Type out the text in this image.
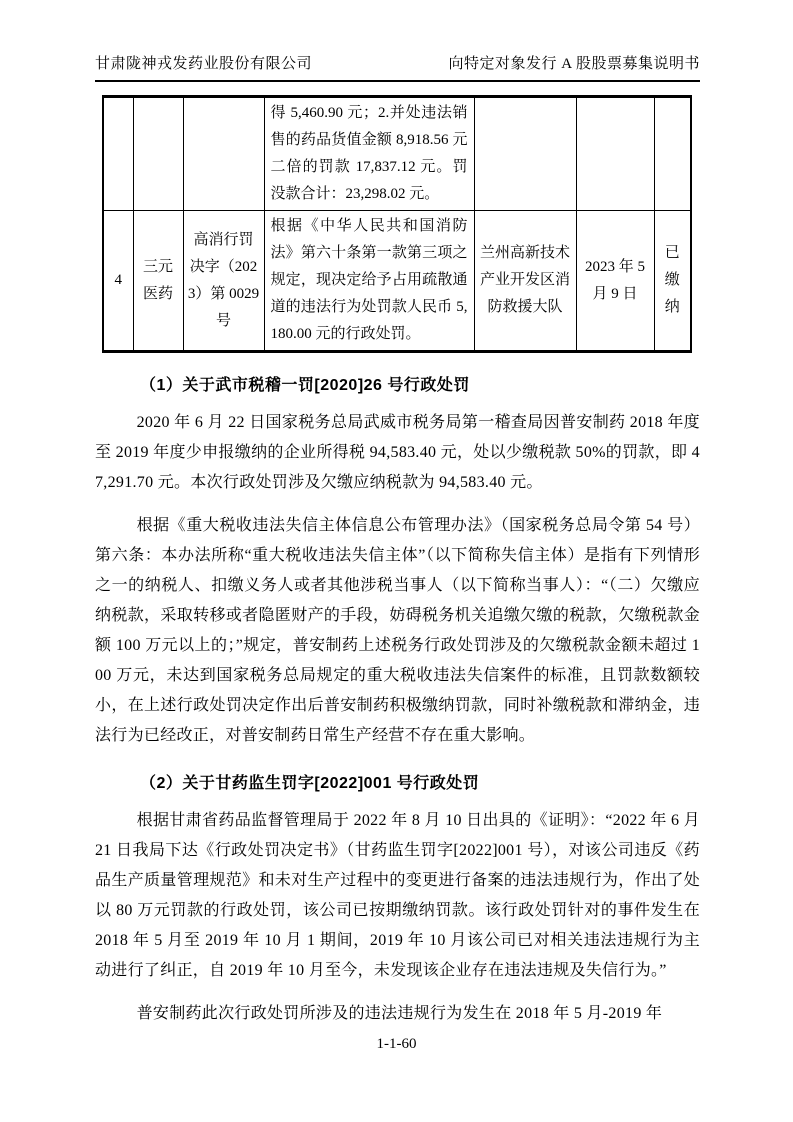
甘肃陇神戎发药业股份有限公司	向特定对象发行 A 股股票募集说明书
			得 5,460.90 元；2.并处违法销售的药品货值金额 8,918.56 元二倍的罚款 17,837.12 元。罚没款合计：23,298.02 元。			
4	三元医药	高消行罚决字（2023）第 0029 号	根据《中华人民共和国消防法》第六十条第一款第三项之规定，现决定给予占用疏散通道的违法行为处罚款人民币 5,180.00 元的行政处罚。	兰州高新技术产业开发区消防救援大队	2023 年 5 月 9 日	已缴纳
（1）关于武市税稽一罚[2020]26 号行政处罚

2020 年 6 月 22 日国家税务总局武威市税务局第一稽查局因普安制药 2018 年度至 2019 年度少申报缴纳的企业所得税 94,583.40 元，处以少缴税款 50%的罚款，即 47,291.70 元。本次行政处罚涉及欠缴应纳税款为 94,583.40 元。

根据《重大税收违法失信主体信息公布管理办法》（国家税务总局令第 54 号）第六条：本办法所称“重大税收违法失信主体”（以下简称失信主体）是指有下列情形之一的纳税人、扣缴义务人或者其他涉税当事人（以下简称当事人）：“（二）欠缴应纳税款，采取转移或者隐匿财产的手段，妨碍税务机关追缴欠缴的税款，欠缴税款金额 100 万元以上的；”规定，普安制药上述税务行政处罚涉及的欠缴税款金额未超过 100 万元，未达到国家税务总局规定的重大税收违法失信案件的标准，且罚款数额较小，在上述行政处罚决定作出后普安制药积极缴纳罚款，同时补缴税款和滞纳金，违法行为已经改正，对普安制药日常生产经营不存在重大影响。

（2）关于甘药监生罚字[2022]001 号行政处罚

根据甘肃省药品监督管理局于 2022 年 8 月 10 日出具的《证明》：“2022 年 6 月 21 日我局下达《行政处罚决定书》（甘药监生罚字[2022]001 号），对该公司违反《药品生产质量管理规范》和未对生产过程中的变更进行备案的违法违规行为，作出了处以 80 万元罚款的行政处罚，该公司已按期缴纳罚款。该行政处罚针对的事件发生在 2018 年 5 月至 2019 年 10 月 1 期间，2019 年 10 月该公司已对相关违法违规行为主动进行了纠正，自 2019 年 10 月至今，未发现该企业存在违法违规及失信行为。”

普安制药此次行政处罚所涉及的违法违规行为发生在 2018 年 5 月-2019 年

1-1-60
